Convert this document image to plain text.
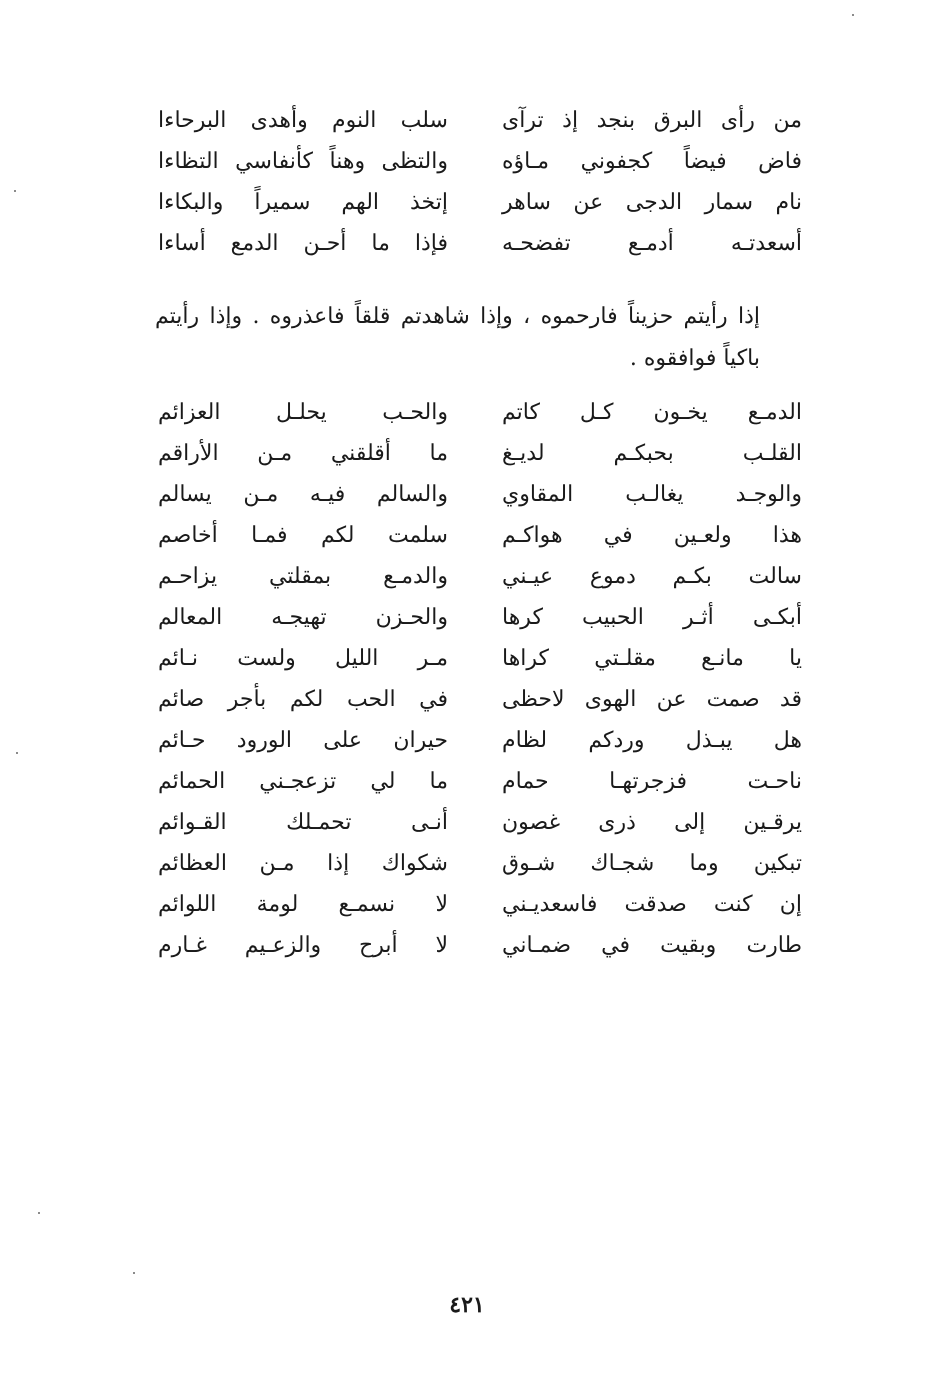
من رأى البرق بنجد إذ ترآى
سلب النوم وأهدى البرحاءا
فاض فيضاً كجفوني مـاؤه
والتظى وهناً كأنفاسي التظاءا
نام سمار الدجى عن ساهر
إتخذ الهم سميراً والبكاءا
أسعدتـه أدمـع تفضحـه
فإذا ما أحـن الدمع أساءا
إذا رأيتم حزيناً فارحموه ، وإذا شاهدتم قلقاً فاعذروه . وإذا رأيتم باكياً فوافقوه .
الدمـع يخـون كـل كاتم
والحـب يحلـل العزائم
القلـب بحبكـم لديـغ
ما أقلقني مـن الأراقم
والوجـد يغالـب المقاوي
والسالم فيـه مـن يسالم
هذا ولعـين في هواكـم
سلمت لكم فمـا أخاصم
سالت بكـم دموع عيـني
والدمـع بمقلتي يزاحـم
أبكـى أثـر الحبيب كرها
والحـزن تهيجـه المعالم
يا مانـع مقلـتي كراها
مـر الليل ولست نـائم
قد صمت عن الهوى لاحظى
في الحب لكم بأجر صائم
هل يبـذل وردكم لظام
حيران على الورود حـائم
ناحـت فزجرتهـا حمام
ما لي تزعجـني الحمائم
يرقـين إلى ذرى غصون
أنـى تحمـلك القـوائم
تبكين وما شجـاك شـوق
شكواك إذا مـن العظائم
إن كنت صدقت فاسعديـني
لا نسمـع لومة اللوائم
طارت وبقيت في ضمـاني
لا أبرح والزعـيم غـارم
٤٢١
